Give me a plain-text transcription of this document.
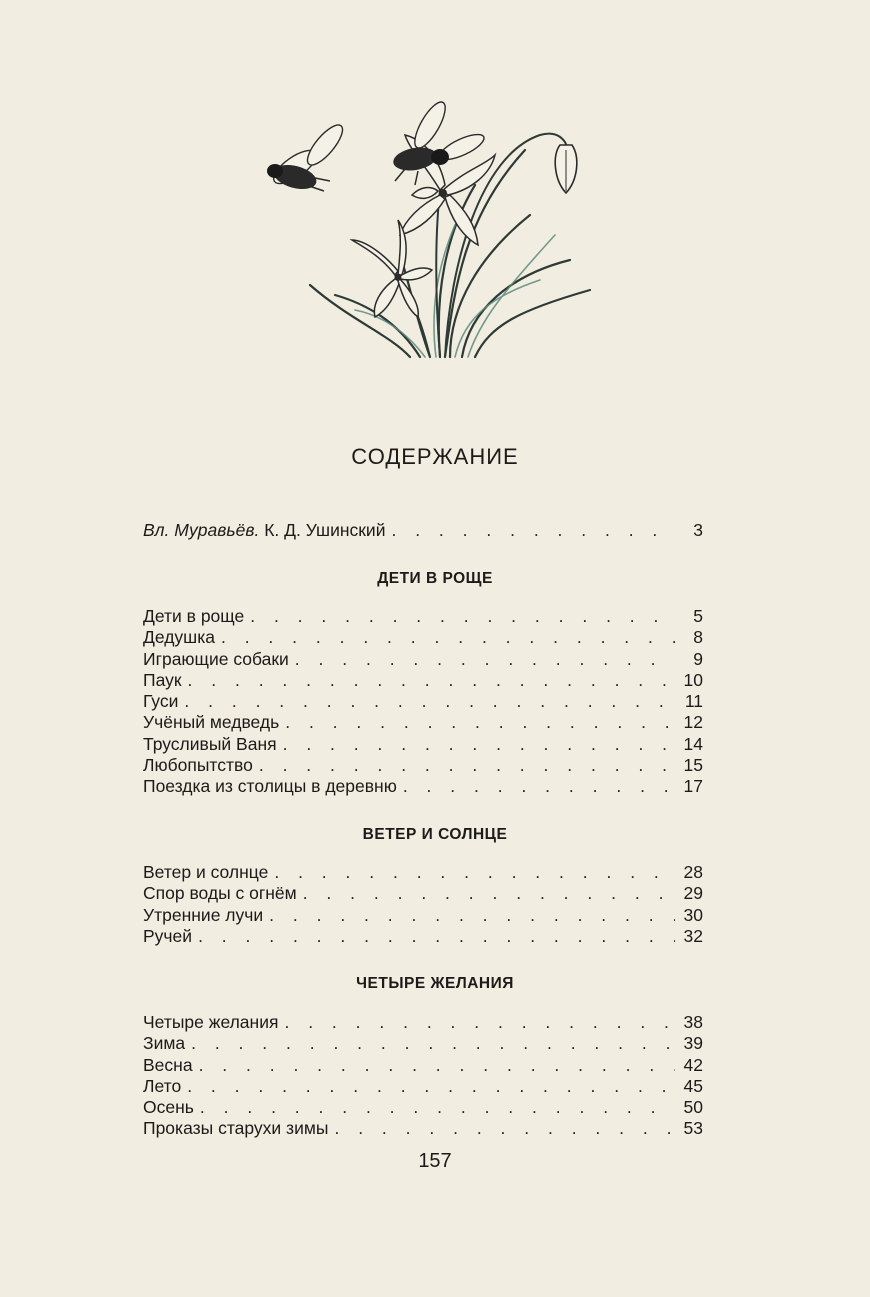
СОДЕРЖАНИЕ
Вл. Муравьёв. К. Д. Ушинский . . .	3
ДЕТИ В РОЩЕ
Дети в роще . . .	5
Дедушка . . .	8
Играющие собаки . . .	9
Паук . . .	10
Гуси . . .	11
Учёный медведь . . .	12
Трусливый Ваня . . .	14
Любопытство . . .	15
Поездка из столицы в деревню . . .	17
ВЕТЕР И СОЛНЦЕ
Ветер и солнце . . .	28
Спор воды с огнём . . .	29
Утренние лучи . . .	30
Ручей . . .	32
ЧЕТЫРЕ ЖЕЛАНИЯ
Четыре желания . . .	38
Зима . . .	39
Весна . . .	42
Лето . . .	45
Осень . . .	50
Проказы старухи зимы . . .	53
157
